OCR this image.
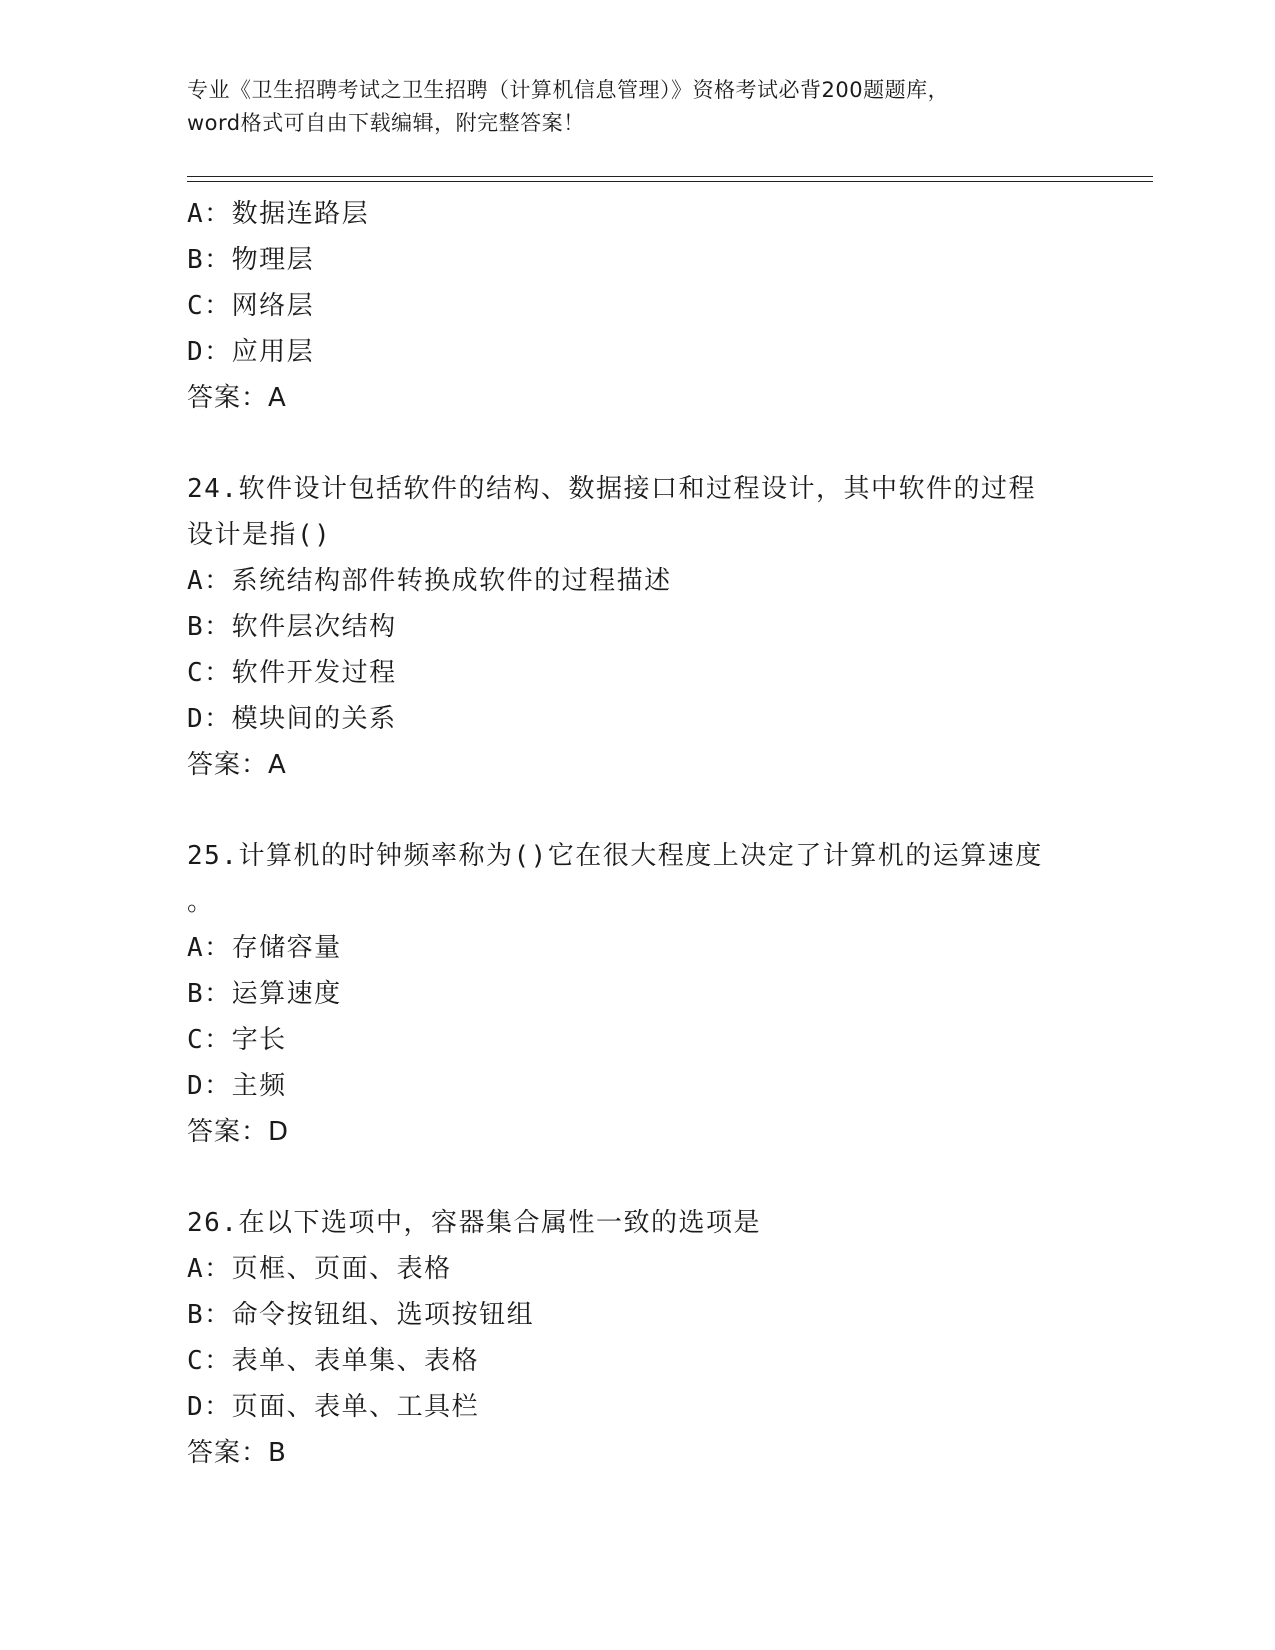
专业《卫生招聘考试之卫生招聘（计算机信息管理）》资格考试必背200题题库，
word格式可自由下载编辑，附完整答案！
A：数据连路层
B：物理层
C：网络层
D：应用层
答案：A
24.软件设计包括软件的结构、数据接口和过程设计，其中软件的过程
设计是指()
A：系统结构部件转换成软件的过程描述
B：软件层次结构
C：软件开发过程
D：模块间的关系
答案：A
25.计算机的时钟频率称为()它在很大程度上决定了计算机的运算速度
。
A：存储容量
B：运算速度
C：字长
D：主频
答案：D
26.在以下选项中，容器集合属性一致的选项是
A：页框、页面、表格
B：命令按钮组、选项按钮组
C：表单、表单集、表格
D：页面、表单、工具栏
答案：B
